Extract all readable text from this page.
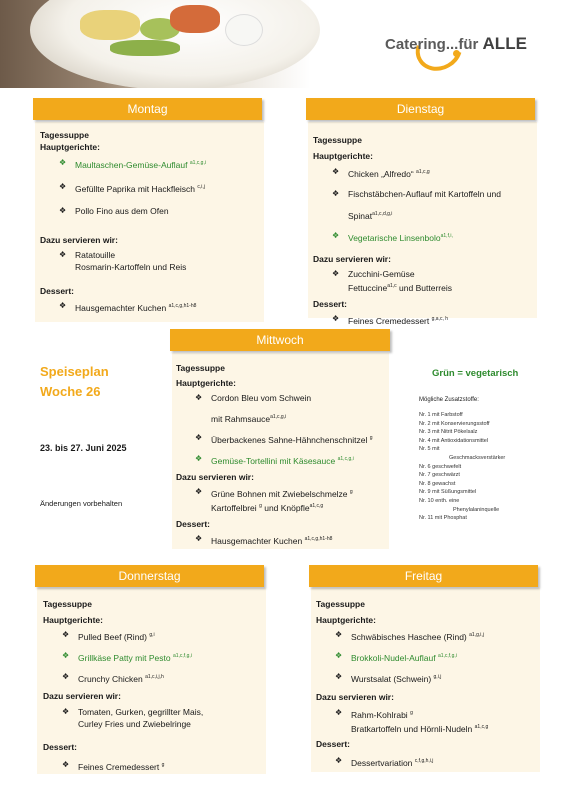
Catering...für ALLE
Montag

Tagessuppe

Hauptgerichte:

❖ Maultaschen-Gemüse-Auflauf $^{a1,c,g,i}$
❖ Gefüllte Paprika mit Hackfleisch $^{c,i,j}$
❖ Pollo Fino aus dem Ofen

Dazu servieren wir:

❖ Ratatouille
Rosmarin-Kartoffeln und Reis

Dessert:

❖ Hausgemachter Kuchen $^{a1,c,g,h1-h8}$
Dienstag

Tagessuppe

Hauptgerichte:

❖ Chicken „Alfredo“ $^{a1,c,g}$
❖ Fischstäbchen-Auflauf mit Kartoffeln und
Spinat$^{a1,c,d,g,i}$
❖ Vegetarische Linsenbolo$^{a1,f,i,}$

Dazu servieren wir:

❖ Zucchini-Gemüse
Fettuccine$^{a1,c}$ und Butterreis

Dessert:

❖ Feines Cremedessert $^{g,a,c, h}$
Mittwoch

Tagessuppe

Hauptgerichte:

❖ Cordon Bleu vom Schwein
mit Rahmsauce$^{a1,c,g,i}$
❖ Überbackenes Sahne-Hähnchenschnitzel $^g$
❖ Gemüse-Tortellini mit Käsesauce $^{a1,c,g,i}$

Dazu servieren wir:

❖ Grüne Bohnen mit Zwiebelschmelze $^g$
Kartoffelbrei $^g$ und Knöpfle$^{a1,c,g}$

Dessert:

❖ Hausgemachter Kuchen $^{a1,c,g,h1-h8}$
Speiseplan
Woche 26
23. bis 27. Juni 2025
Änderungen vorbehalten
Grün = vegetarisch
Mögliche Zusatzstoffe:
Nr. 1 mit Farbstoff
Nr. 2 mit Konservierungsstoff
Nr. 3 mit Nitrit Pökelsalz
Nr. 4 mit Antioxidationsmittel
Nr. 5 mit
Geschmacksverstärker
Nr. 6 geschwefelt
Nr. 7 geschwärzt
Nr. 8 gewachst
Nr. 9 mit Süßungsmittel
Nr. 10 enth. eine
Phenylalaninquelle
Nr. 11 mit Phosphat
Donnerstag

Tagessuppe

Hauptgerichte:

❖ Pulled Beef (Rind) $^{g,i}$
❖ Grillkäse Patty mit Pesto $^{a1,c,f,g,i}$
❖ Crunchy Chicken $^{a1,c,i,j,h}$

Dazu servieren wir:

❖ Tomaten, Gurken, gegrillter Mais,
Curley Fries und Zwiebelringe

Dessert:

❖ Feines Cremedessert $^g$
Freitag

Tagessuppe

Hauptgerichte:

❖ Schwäbisches Haschee (Rind) $^{a1,g,i,j}$
❖ Brokkoli-Nudel-Auflauf $^{a1,c,f,g,i}$
❖ Wurstsalat (Schwein) $^{g,i,j}$

Dazu servieren wir:

❖ Rahm-Kohlrabi $^g$
Bratkartoffeln und Hörnli-Nudeln $^{a1,c,g}$

Dessert:

❖ Dessertvariation $^{c,f,g,h,i,j}$
